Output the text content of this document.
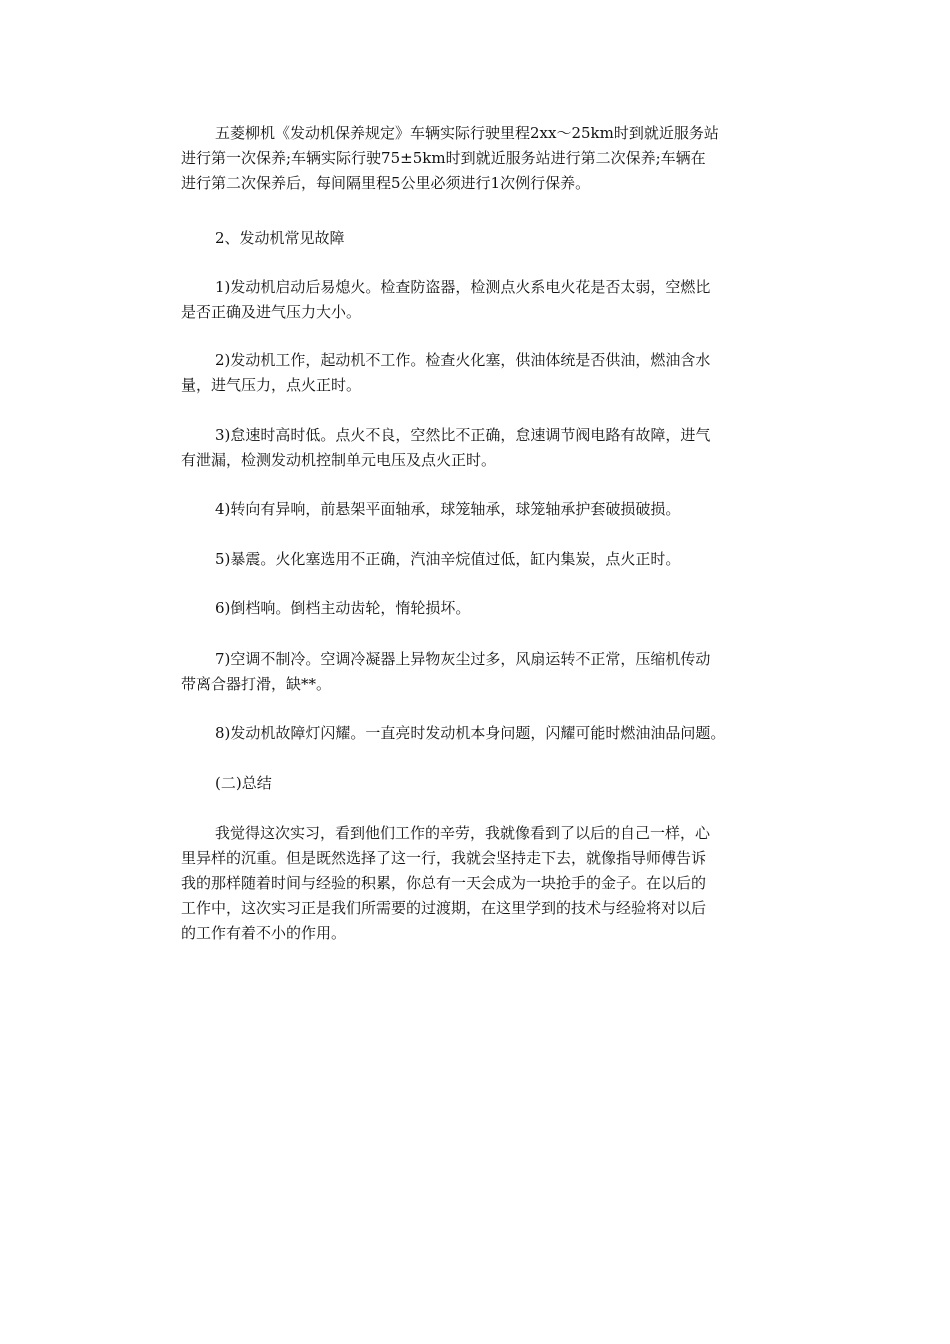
五菱柳机《发动机保养规定》车辆实际行驶里程2xx～25km时到就近服务站
进行第一次保养;车辆实际行驶75±5km时到就近服务站进行第二次保养;车辆在
进行第二次保养后，每间隔里程5公里必须进行1次例行保养。
2、发动机常见故障
1)发动机启动后易熄火。检查防盗器，检测点火系电火花是否太弱，空燃比
是否正确及进气压力大小。
2)发动机工作，起动机不工作。检查火化塞，供油体统是否供油，燃油含水
量，进气压力，点火正时。
3)怠速时高时低。点火不良，空然比不正确，怠速调节阀电路有故障，进气
有泄漏，检测发动机控制单元电压及点火正时。
4)转向有异响，前悬架平面轴承，球笼轴承，球笼轴承护套破损破损。
5)暴震。火化塞选用不正确，汽油辛烷值过低，缸内集炭，点火正时。
6)倒档响。倒档主动齿轮，惰轮损坏。
7)空调不制冷。空调冷凝器上异物灰尘过多，风扇运转不正常，压缩机传动
带离合器打滑，缺**。
8)发动机故障灯闪耀。一直亮时发动机本身问题，闪耀可能时燃油油品问题。
(二)总结
我觉得这次实习，看到他们工作的辛劳，我就像看到了以后的自己一样，心
里异样的沉重。但是既然选择了这一行，我就会坚持走下去，就像指导师傅告诉
我的那样随着时间与经验的积累，你总有一天会成为一块抢手的金子。在以后的
工作中，这次实习正是我们所需要的过渡期，在这里学到的技术与经验将对以后
的工作有着不小的作用。
